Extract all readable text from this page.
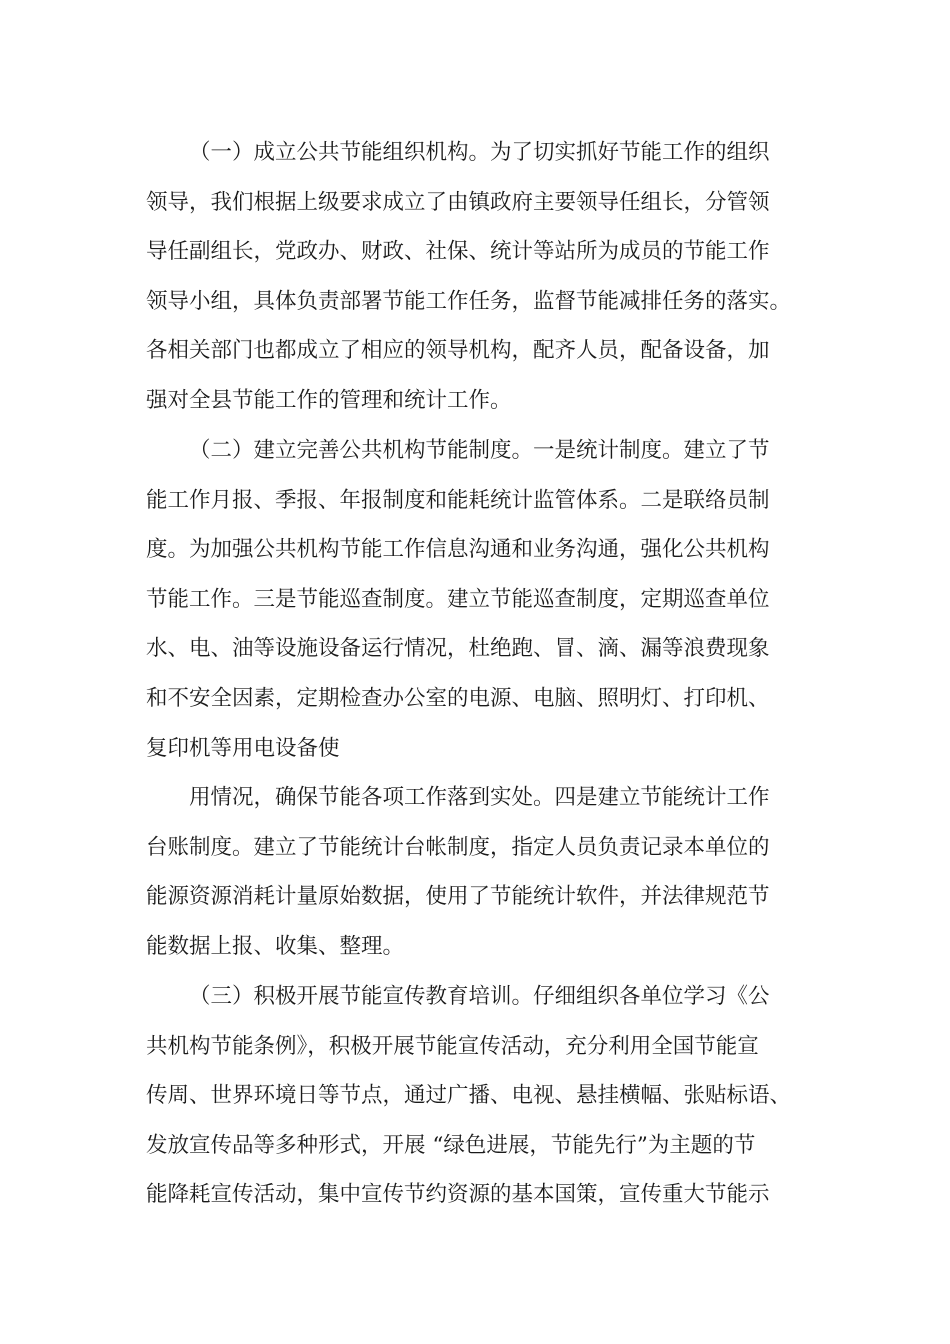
（一）成立公共节能组织机构。为了切实抓好节能工作的组织
领导，我们根据上级要求成立了由镇政府主要领导任组长，分管领
导任副组长，党政办、财政、社保、统计等站所为成员的节能工作
领导小组，具体负责部署节能工作任务，监督节能减排任务的落实。
各相关部门也都成立了相应的领导机构，配齐人员，配备设备，加
强对全县节能工作的管理和统计工作。
（二）建立完善公共机构节能制度。一是统计制度。建立了节
能工作月报、季报、年报制度和能耗统计监管体系。二是联络员制
度。为加强公共机构节能工作信息沟通和业务沟通，强化公共机构
节能工作。三是节能巡查制度。建立节能巡查制度，定期巡查单位
水、电、油等设施设备运行情况，杜绝跑、冒、滴、漏等浪费现象
和不安全因素，定期检查办公室的电源、电脑、照明灯、打印机、
复印机等用电设备使
用情况，确保节能各项工作落到实处。四是建立节能统计工作
台账制度。建立了节能统计台帐制度，指定人员负责记录本单位的
能源资源消耗计量原始数据，使用了节能统计软件，并法律规范节
能数据上报、收集、整理。
（三）积极开展节能宣传教育培训。仔细组织各单位学习《公
共机构节能条例》，积极开展节能宣传活动，充分利用全国节能宣
传周、世界环境日等节点，通过广播、电视、悬挂横幅、张贴标语、
发放宣传品等多种形式，开展 “绿色进展，节能先行”为主题的节
能降耗宣传活动，集中宣传节约资源的基本国策，宣传重大节能示
